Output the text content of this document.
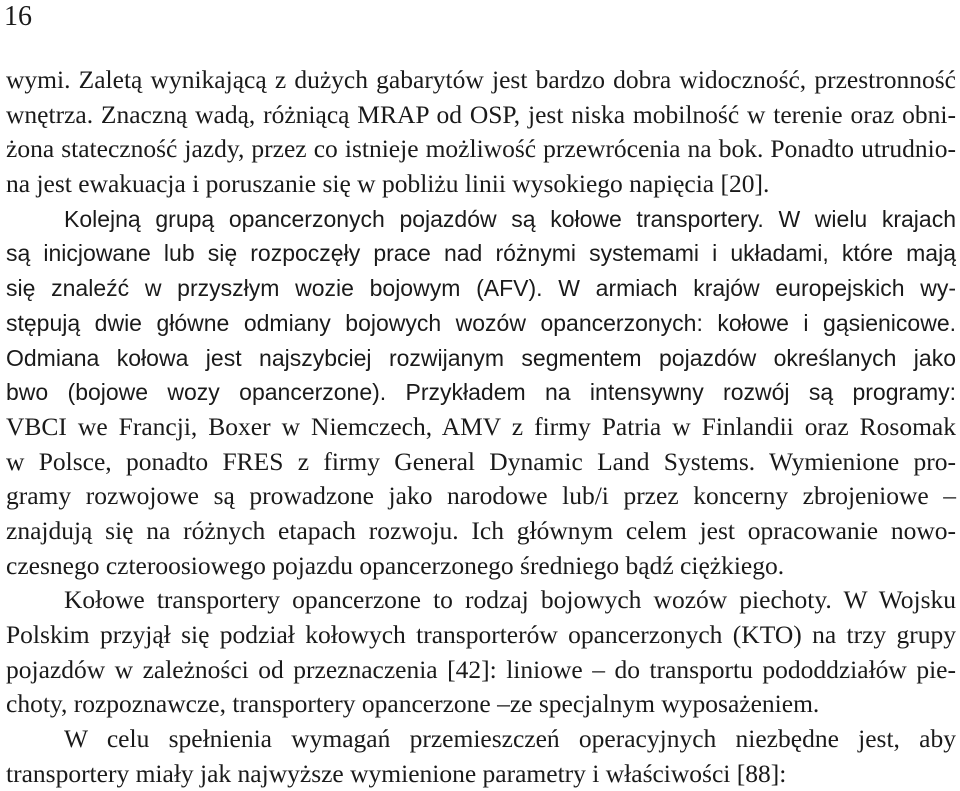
16
wymi. Zaletą wynikającą z dużych gabarytów jest bardzo dobra widoczność, przestronność
wnętrza. Znaczną wadą, różniącą MRAP od OSP, jest niska mobilność w terenie oraz obni-
żona stateczność jazdy, przez co istnieje możliwość przewrócenia na bok. Ponadto utrudnio-
na jest ewakuacja i poruszanie się w pobliżu linii wysokiego napięcia [20].
Kolejną grupą opancerzonych pojazdów są kołowe transportery. W wielu krajach
są inicjowane lub się rozpoczęły prace nad różnymi systemami i układami, które mają
się znaleźć w przyszłym wozie bojowym (AFV). W armiach krajów europejskich wy-
stępują dwie główne odmiany bojowych wozów opancerzonych: kołowe i gąsienicowe.
Odmiana kołowa jest najszybciej rozwijanym segmentem pojazdów określanych jako
bwo (bojowe wozy opancerzone). Przykładem na intensywny rozwój są programy:
VBCI we Francji, Boxer w Niemczech, AMV z firmy Patria w Finlandii oraz Rosomak
w Polsce, ponadto FRES z firmy General Dynamic Land Systems. Wymienione pro-
gramy rozwojowe są prowadzone jako narodowe lub/i przez koncerny zbrojeniowe –
znajdują się na różnych etapach rozwoju. Ich głównym celem jest opracowanie nowo-
czesnego czteroosiowego pojazdu opancerzonego średniego bądź ciężkiego.
Kołowe transportery opancerzone to rodzaj bojowych wozów piechoty. W Wojsku
Polskim przyjął się podział kołowych transporterów opancerzonych (KTO) na trzy grupy
pojazdów w zależności od przeznaczenia [42]: liniowe – do transportu pododdziałów pie-
choty, rozpoznawcze, transportery opancerzone –ze specjalnym wyposażeniem.
W celu spełnienia wymagań przemieszczeń operacyjnych niezbędne jest, aby
transportery miały jak najwyższe wymienione parametry i właściwości [88]:
